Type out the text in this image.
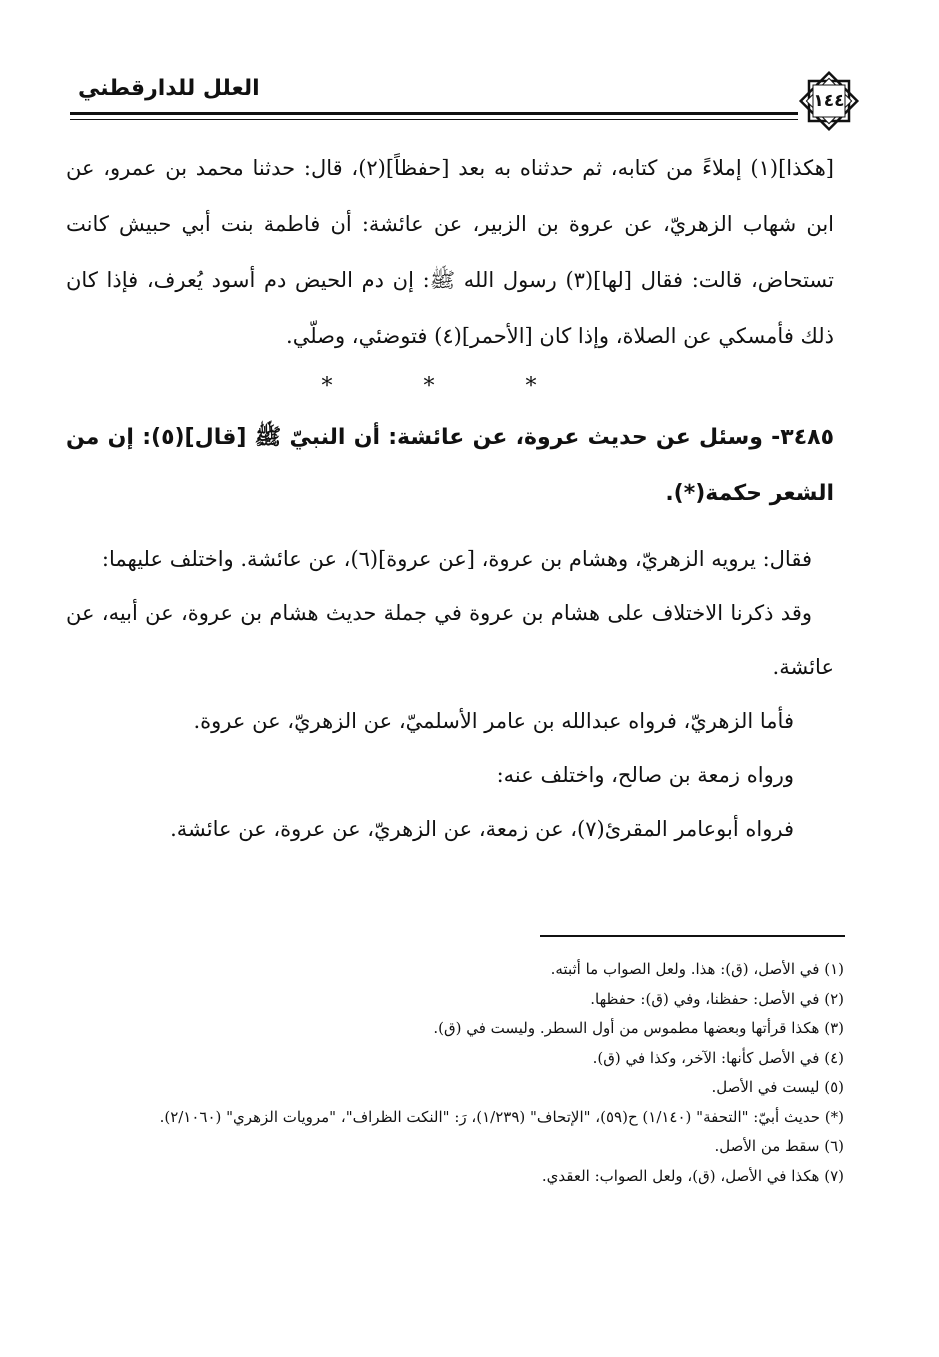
العلل للدارقطني	١٤٤

[هكذا](١) إملاءً من كتابه، ثم حدثناه به بعد [حفظاً](٢)، قال: حدثنا محمد بن عمرو، عن ابن شهاب الزهريّ، عن عروة بن الزبير، عن عائشة: أن فاطمة بنت أبي حبيش كانت تستحاض، قالت: فقال [لها](٣) رسول الله ﷺ: إن دم الحيض دم أسود يُعرف، فإذا كان ذلك فأمسكي عن الصلاة، وإذا كان [الأحمر](٤) فتوضئي، وصلّي.

* * *

٣٤٨٥- وسئل عن حديث عروة، عن عائشة: أن النبيّ ﷺ [قال](٥): إن من الشعر حكمة(*).

فقال: يرويه الزهريّ، وهشام بن عروة، [عن عروة](٦)، عن عائشة. واختلف عليهما:

وقد ذكرنا الاختلاف على هشام بن عروة في جملة حديث هشام بن عروة، عن أبيه، عن عائشة.

فأما الزهريّ، فرواه عبدالله بن عامر الأسلميّ، عن الزهريّ، عن عروة.

ورواه زمعة بن صالح، واختلف عنه:

فرواه أبوعامر المقرئ(٧)، عن زمعة، عن الزهريّ، عن عروة، عن عائشة.

(١) في الأصل، (ق): هذا. ولعل الصواب ما أثبته.
(٢) في الأصل: حفظنا، وفي (ق): حفظها.
(٣) هكذا قرأتها وبعضها مطموس من أول السطر. وليست في (ق).
(٤) في الأصل كأنها: الآخر، وكذا في (ق).
(٥) ليست في الأصل.
(*) حديث أبيّ: "التحفة" (١/١٤٠) ح(٥٩)، "الإتحاف" (١/٢٣٩)، رَ: "النكت الظراف"، "مرويات الزهري" (٢/١٠٦٠).
(٦) سقط من الأصل.
(٧) هكذا في الأصل، (ق)، ولعل الصواب: العقدي.
